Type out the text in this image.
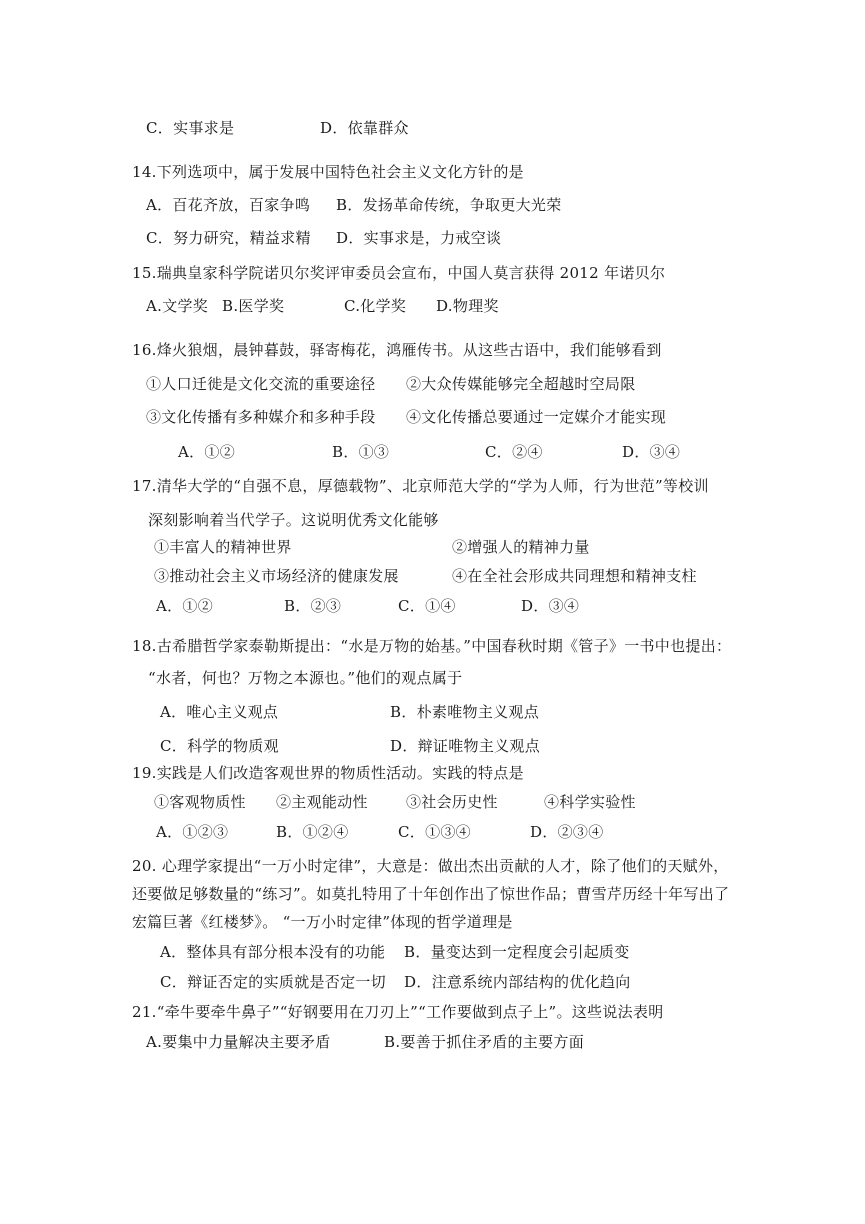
C．实事求是	D．依靠群众
14.下列选项中，属于发展中国特色社会主义文化方针的是
A．百花齐放，百家争鸣 B．发扬革命传统，争取更大光荣
C．努力研究，精益求精 D．实事求是，力戒空谈
15.瑞典皇家科学院诺贝尔奖评审委员会宣布，中国人莫言获得 2012 年诺贝尔
A.文学奖 B.医学奖	C.化学奖 D.物理奖
16.烽火狼烟，晨钟暮鼓，驿寄梅花，鸿雁传书。从这些古语中，我们能够看到
①人口迁徙是文化交流的重要途径 ②大众传媒能够完全超越时空局限
③文化传播有多种媒介和多种手段 ④文化传播总要通过一定媒介才能实现
A．①②	B．①③	C．②④	D．③④
17.清华大学的“自强不息，厚德载物”、北京师范大学的“学为人师，行为世范”等校训
深刻影响着当代学子。这说明优秀文化能够
①丰富人的精神世界	②增强人的精神力量
③推动社会主义市场经济的健康发展	④在全社会形成共同理想和精神支柱
A．①②	B．②③	C．①④	D．③④
18.古希腊哲学家泰勒斯提出：“水是万物的始基。”中国春秋时期《管子》一书中也提出：
“水者，何也？万物之本源也。”他们的观点属于
A．唯心主义观点	B．朴素唯物主义观点
C．科学的物质观	D．辩证唯物主义观点
19.实践是人们改造客观世界的物质性活动。实践的特点是
①客观物质性 ②主观能动性	③社会历史性	④科学实验性
A．①②③	B．①②④	C．①③④	D．②③④
20. 心理学家提出“一万小时定律”，大意是：做出杰出贡献的人才，除了他们的天赋外，
还要做足够数量的“练习”。如莫扎特用了十年创作出了惊世作品；曹雪芹历经十年写出了
宏篇巨著《红楼梦》。 “一万小时定律”体现的哲学道理是
A．整体具有部分根本没有的功能 B．量变达到一定程度会引起质变
C．辩证否定的实质就是否定一切 D．注意系统内部结构的优化趋向
21.“牵牛要牵牛鼻子”“好钢要用在刀刃上”“工作要做到点子上”。这些说法表明
A.要集中力量解决主要矛盾	B.要善于抓住矛盾的主要方面
